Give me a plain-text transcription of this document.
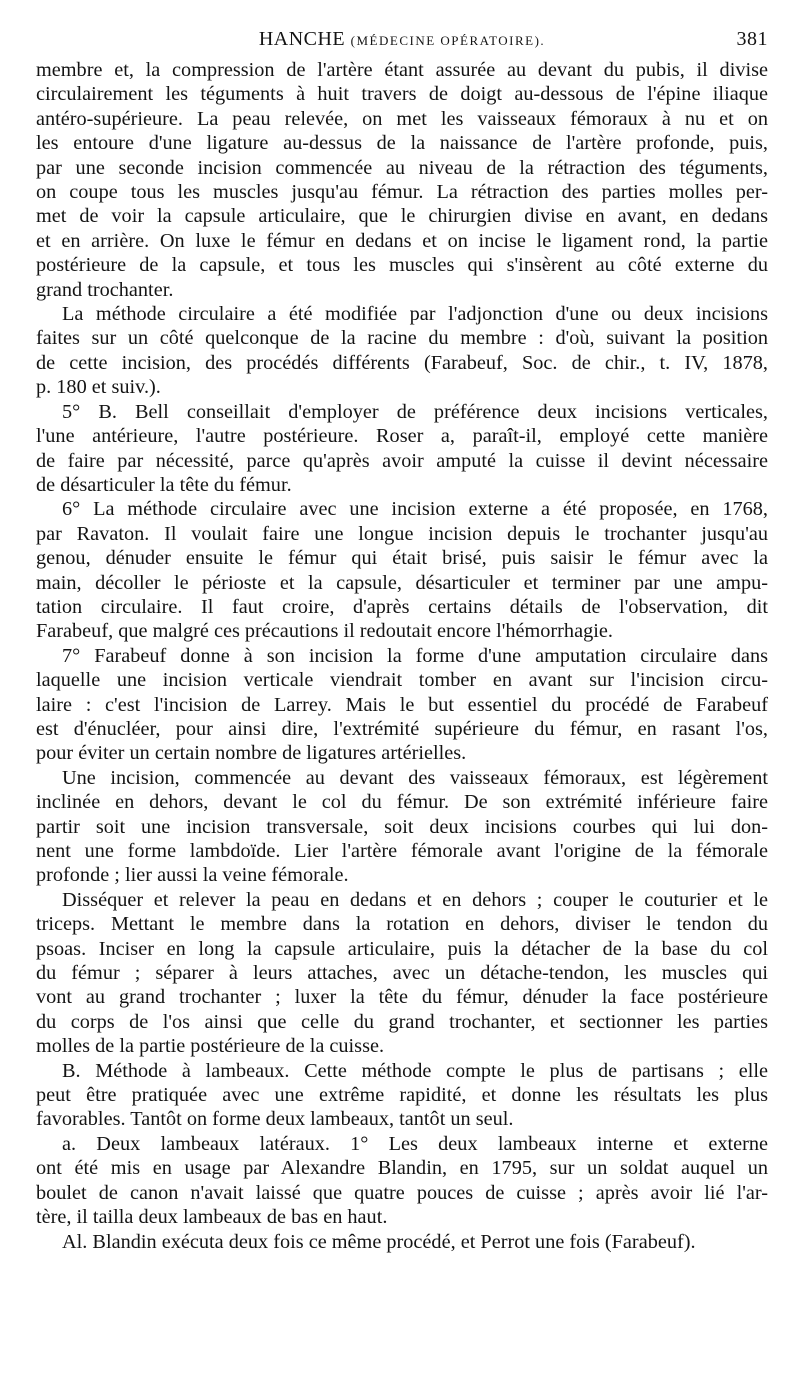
HANCHE (MÉDECINE OPÉRATOIRE).	381

membre et, la compression de l'artère étant assurée au devant du pubis, il divise
circulairement les téguments à huit travers de doigt au-dessous de l'épine iliaque
antéro-supérieure. La peau relevée, on met les vaisseaux fémoraux à nu et on
les entoure d'une ligature au-dessus de la naissance de l'artère profonde, puis,
par une seconde incision commencée au niveau de la rétraction des téguments,
on coupe tous les muscles jusqu'au fémur. La rétraction des parties molles per-
met de voir la capsule articulaire, que le chirurgien divise en avant, en dedans
et en arrière. On luxe le fémur en dedans et on incise le ligament rond, la partie
postérieure de la capsule, et tous les muscles qui s'insèrent au côté externe du
grand trochanter.

La méthode circulaire a été modifiée par l'adjonction d'une ou deux incisions
faites sur un côté quelconque de la racine du membre : d'où, suivant la position
de cette incision, des procédés différents (Farabeuf, Soc. de chir., t. IV, 1878,
p. 180 et suiv.).

5° B. Bell conseillait d'employer de préférence deux incisions verticales,
l'une antérieure, l'autre postérieure. Roser a, paraît-il, employé cette manière
de faire par nécessité, parce qu'après avoir amputé la cuisse il devint nécessaire
de désarticuler la tête du fémur.

6° La méthode circulaire avec une incision externe a été proposée, en 1768,
par Ravaton. Il voulait faire une longue incision depuis le trochanter jusqu'au
genou, dénuder ensuite le fémur qui était brisé, puis saisir le fémur avec la
main, décoller le périoste et la capsule, désarticuler et terminer par une ampu-
tation circulaire. Il faut croire, d'après certains détails de l'observation, dit
Farabeuf, que malgré ces précautions il redoutait encore l'hémorrhagie.

7° Farabeuf donne à son incision la forme d'une amputation circulaire dans
laquelle une incision verticale viendrait tomber en avant sur l'incision circu-
laire : c'est l'incision de Larrey. Mais le but essentiel du procédé de Farabeuf
est d'énucléer, pour ainsi dire, l'extrémité supérieure du fémur, en rasant l'os,
pour éviter un certain nombre de ligatures artérielles.

Une incision, commencée au devant des vaisseaux fémoraux, est légèrement
inclinée en dehors, devant le col du fémur. De son extrémité inférieure faire
partir soit une incision transversale, soit deux incisions courbes qui lui don-
nent une forme lambdoïde. Lier l'artère fémorale avant l'origine de la fémorale
profonde ; lier aussi la veine fémorale.

Disséquer et relever la peau en dedans et en dehors ; couper le couturier et le
triceps. Mettant le membre dans la rotation en dehors, diviser le tendon du
psoas. Inciser en long la capsule articulaire, puis la détacher de la base du col
du fémur ; séparer à leurs attaches, avec un détache-tendon, les muscles qui
vont au grand trochanter ; luxer la tête du fémur, dénuder la face postérieure
du corps de l'os ainsi que celle du grand trochanter, et sectionner les parties
molles de la partie postérieure de la cuisse.

B. Méthode à lambeaux. Cette méthode compte le plus de partisans ; elle
peut être pratiquée avec une extrême rapidité, et donne les résultats les plus
favorables. Tantôt on forme deux lambeaux, tantôt un seul.

a. Deux lambeaux latéraux. 1° Les deux lambeaux interne et externe
ont été mis en usage par Alexandre Blandin, en 1795, sur un soldat auquel un
boulet de canon n'avait laissé que quatre pouces de cuisse ; après avoir lié l'ar-
tère, il tailla deux lambeaux de bas en haut.

Al. Blandin exécuta deux fois ce même procédé, et Perrot une fois (Farabeuf).
